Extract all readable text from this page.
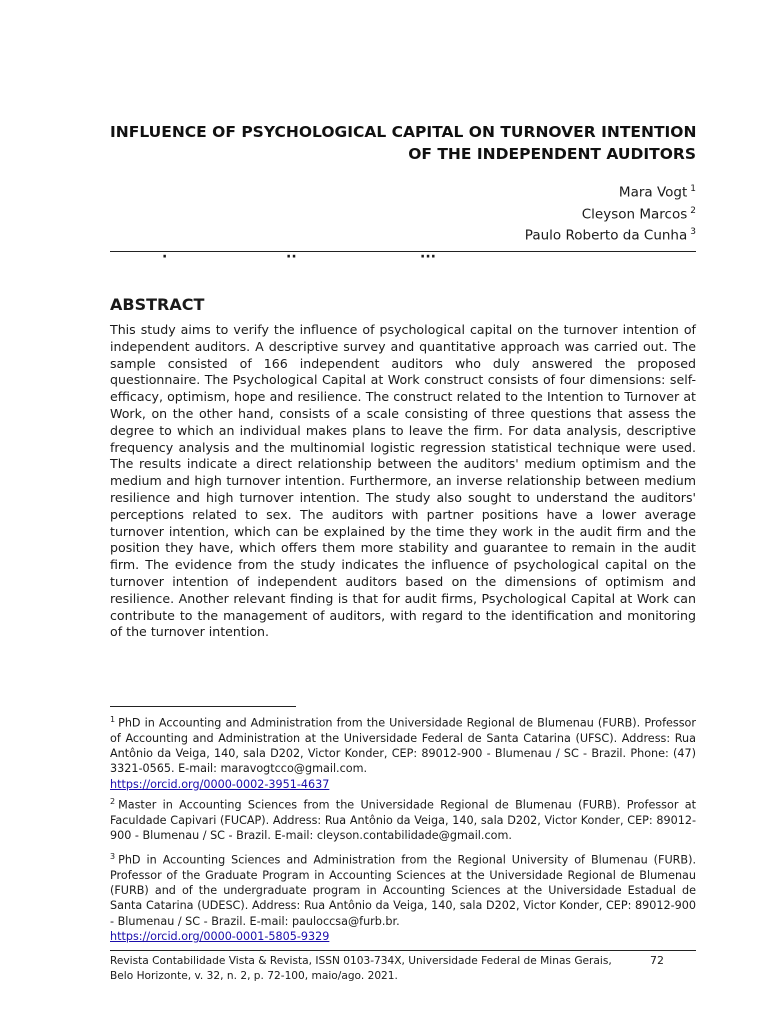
INFLUENCE OF PSYCHOLOGICAL CAPITAL ON TURNOVER INTENTION
OF THE INDEPENDENT AUDITORS
Mara Vogt $^1$
Cleyson Marcos $^2$
Paulo Roberto da Cunha $^3$
·	··	···
ABSTRACT
This study aims to verify the influence of psychological capital on the turnover intention of independent auditors. A descriptive survey and quantitative approach was carried out. The sample consisted of 166 independent auditors who duly answered the proposed questionnaire. The Psychological Capital at Work construct consists of four dimensions: self-efficacy, optimism, hope and resilience. The construct related to the Intention to Turnover at Work, on the other hand, consists of a scale consisting of three questions that assess the degree to which an individual makes plans to leave the firm. For data analysis, descriptive frequency analysis and the multinomial logistic regression statistical technique were used. The results indicate a direct relationship between the auditors' medium optimism and the medium and high turnover intention. Furthermore, an inverse relationship between medium resilience and high turnover intention. The study also sought to understand the auditors' perceptions related to sex. The auditors with partner positions have a lower average turnover intention, which can be explained by the time they work in the audit firm and the position they have, which offers them more stability and guarantee to remain in the audit firm. The evidence from the study indicates the influence of psychological capital on the turnover intention of independent auditors based on the dimensions of optimism and resilience. Another relevant finding is that for audit firms, Psychological Capital at Work can contribute to the management of auditors, with regard to the identification and monitoring of the turnover intention.
$^1$ PhD in Accounting and Administration from the Universidade Regional de Blumenau (FURB). Professor of Accounting and Administration at the Universidade Federal de Santa Catarina (UFSC). Address: Rua Antônio da Veiga, 140, sala D202, Victor Konder, CEP: 89012-900 - Blumenau / SC - Brazil. Phone: (47) 3321-0565. E-mail: maravogtcco@gmail.com.
https://orcid.org/0000-0002-3951-4637
$^2$ Master in Accounting Sciences from the Universidade Regional de Blumenau (FURB). Professor at Faculdade Capivari (FUCAP). Address: Rua Antônio da Veiga, 140, sala D202, Victor Konder, CEP: 89012-900 - Blumenau / SC - Brazil. E-mail: cleyson.contabilidade@gmail.com.
$^3$ PhD in Accounting Sciences and Administration from the Regional University of Blumenau (FURB). Professor of the Graduate Program in Accounting Sciences at the Universidade Regional de Blumenau (FURB) and of the undergraduate program in Accounting Sciences at the Universidade Estadual de Santa Catarina (UDESC). Address: Rua Antônio da Veiga, 140, sala D202, Victor Konder, CEP: 89012-900 - Blumenau / SC - Brazil. E-mail: pauloccsa@furb.br.
https://orcid.org/0000-0001-5805-9329
Revista Contabilidade Vista & Revista, ISSN 0103-734X, Universidade Federal de Minas Gerais,
Belo Horizonte, v. 32, n. 2, p. 72-100, maio/ago. 2021.
72
